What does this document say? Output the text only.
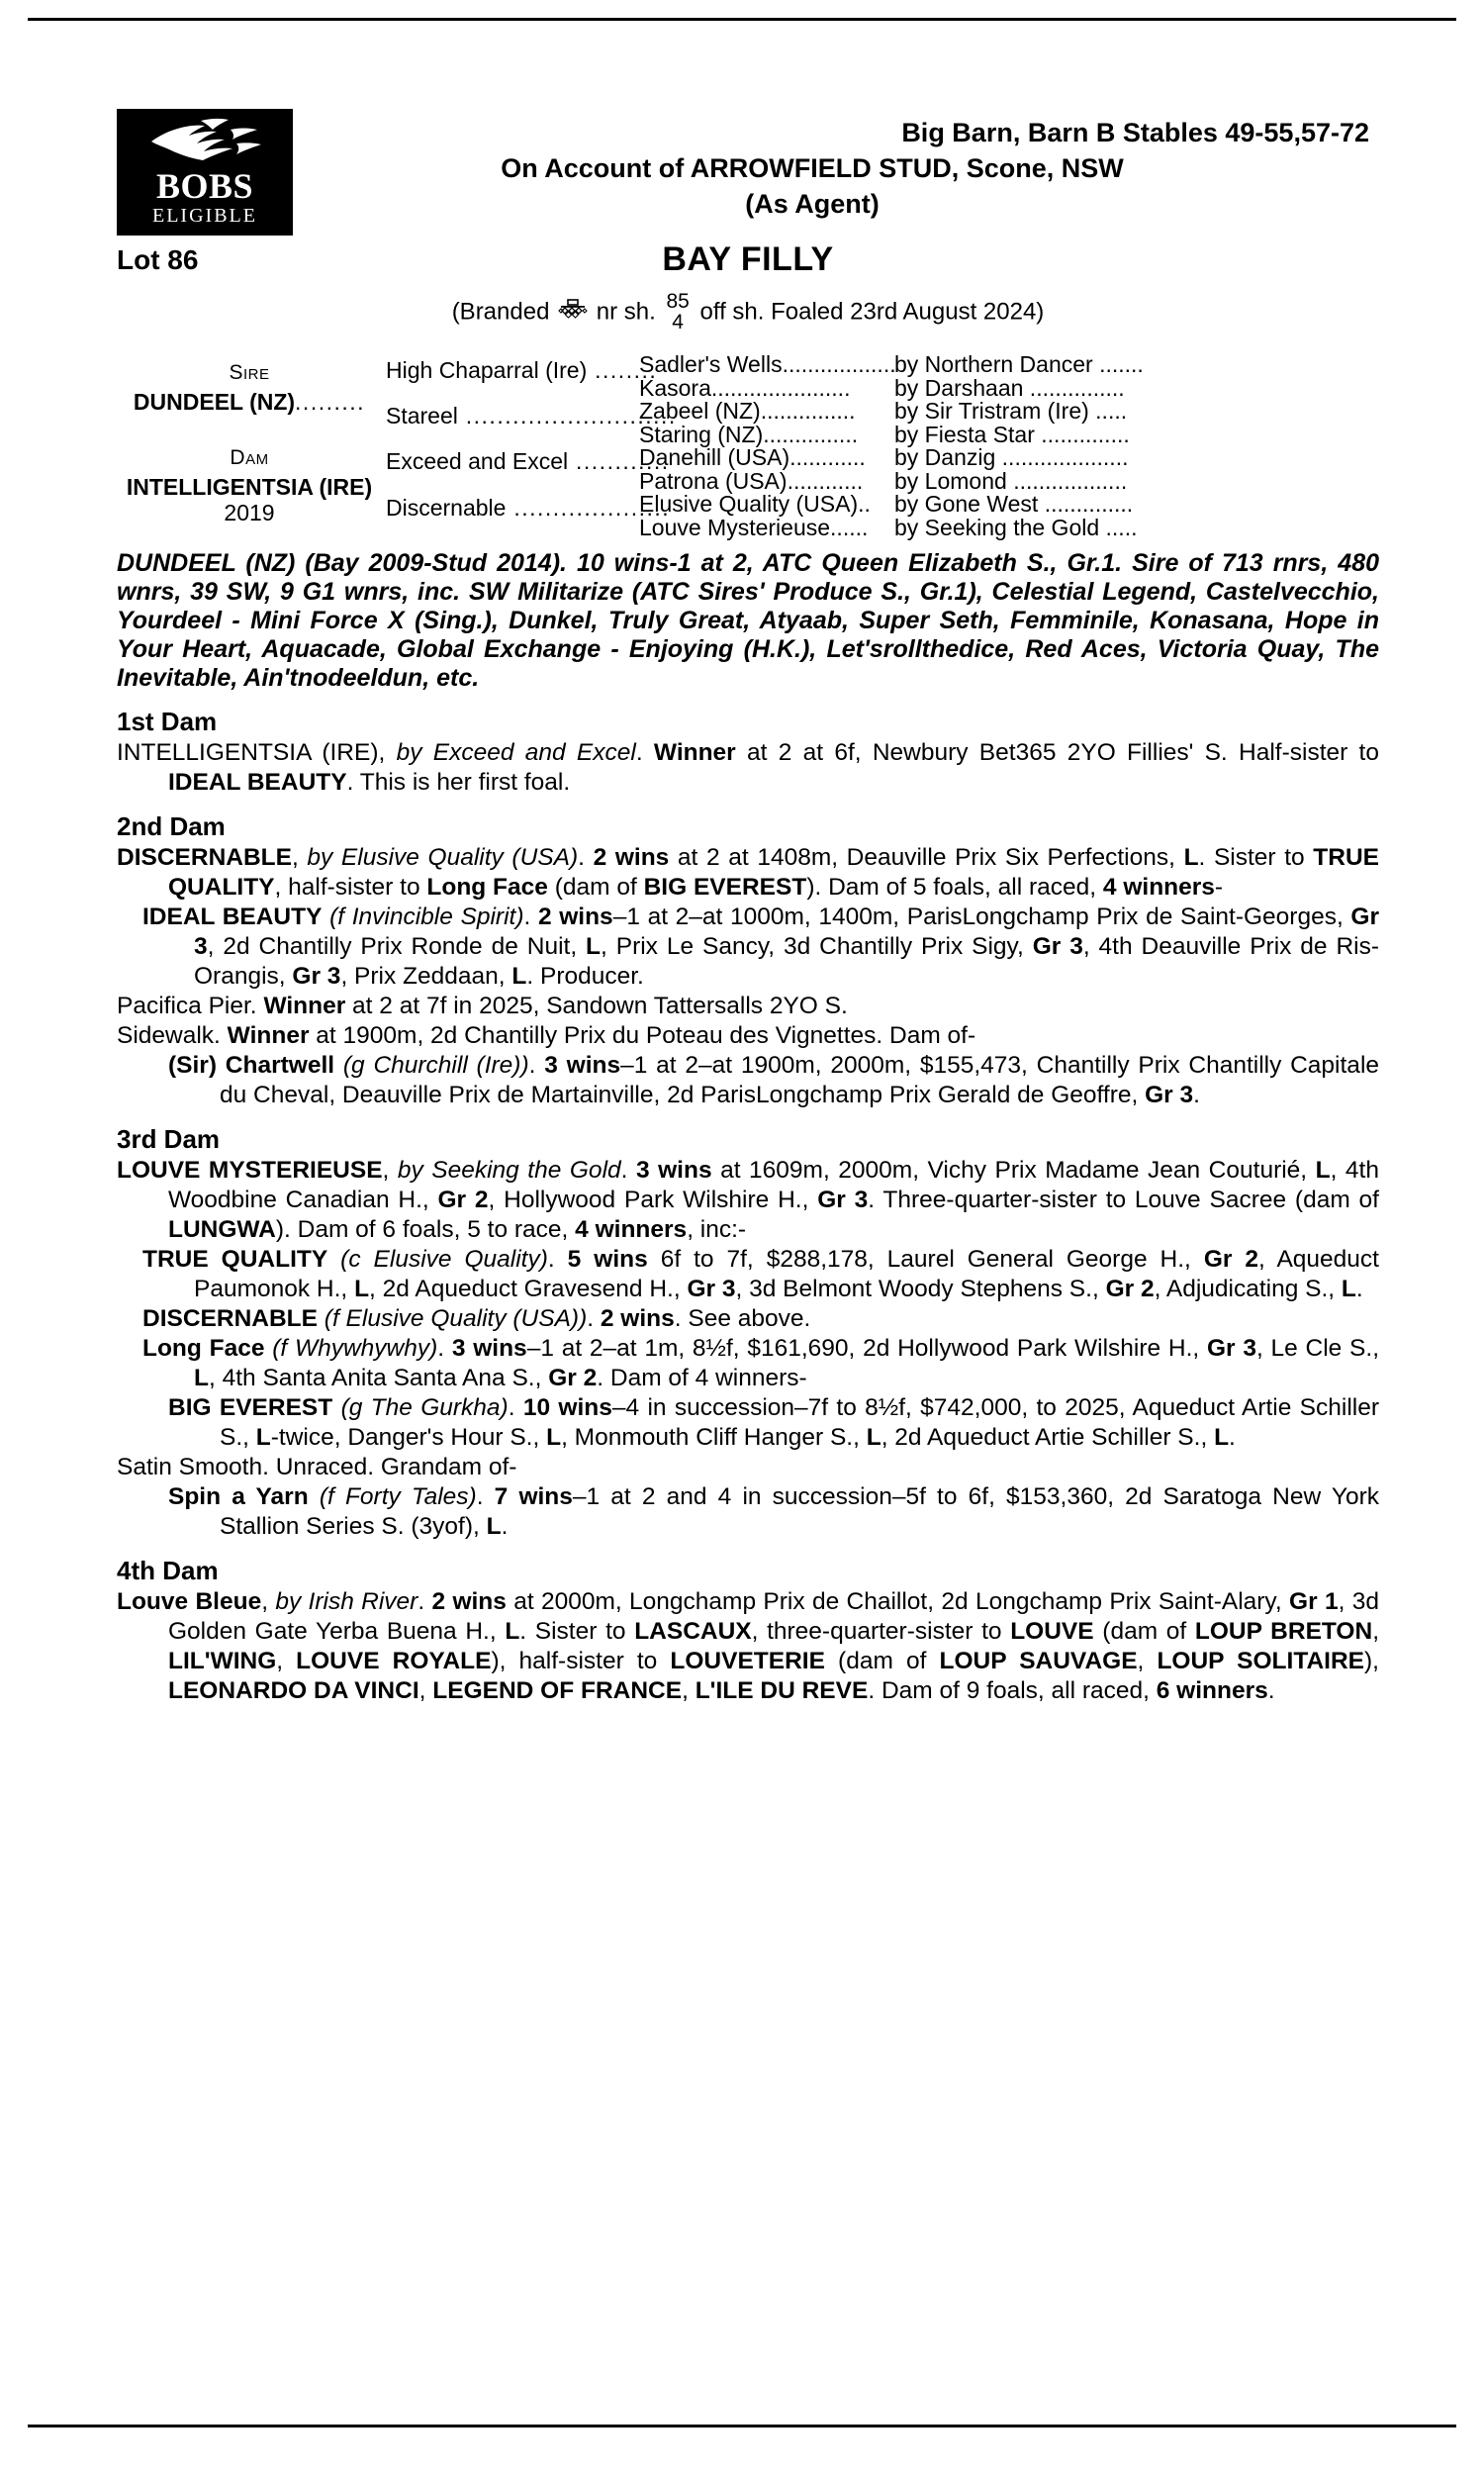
BOBS
ELIGIBLE
Big Barn, Barn B Stables 49-55,57-72
On Account of ARROWFIELD STUD, Scone, NSW
(As Agent)
Lot 86	BAY FILLY
(Branded nr sh. 85
4 off sh. Foaled 23rd August 2024)
Sire
DUNDEEL (NZ).........
Dam
INTELLIGENTSIA (IRE)
2019
High Chaparral (Ire) ........
Stareel ...........................
Exceed and Excel ............
Discernable ....................
Sadler's Wells..................
Kasora......................
Zabeel (NZ)...............
Staring (NZ)...............
Danehill (USA)............
Patrona (USA)............
Elusive Quality (USA)..
Louve Mysterieuse......
by Northern Dancer .......
by Darshaan ...............
by Sir Tristram (Ire) .....
by Fiesta Star ..............
by Danzig ....................
by Lomond ..................
by Gone West ..............
by Seeking the Gold .....
DUNDEEL (NZ) (Bay 2009-Stud 2014). 10 wins-1 at 2, ATC Queen Elizabeth S., Gr.1. Sire of 713 rnrs, 480 wnrs, 39 SW, 9 G1 wnrs, inc. SW Militarize (ATC Sires' Produce S., Gr.1), Celestial Legend, Castelvecchio, Yourdeel - Mini Force X (Sing.), Dunkel, Truly Great, Atyaab, Super Seth, Femminile, Konasana, Hope in Your Heart, Aquacade, Global Exchange - Enjoying (H.K.), Let'srollthedice, Red Aces, Victoria Quay, The Inevitable, Ain'tnodeeldun, etc.
1st Dam
INTELLIGENTSIA (IRE), by Exceed and Excel. Winner at 2 at 6f, Newbury Bet365 2YO Fillies' S. Half-sister to IDEAL BEAUTY. This is her first foal.
2nd Dam
DISCERNABLE, by Elusive Quality (USA). 2 wins at 2 at 1408m, Deauville Prix Six Perfections, L. Sister to TRUE QUALITY, half-sister to Long Face (dam of BIG EVEREST). Dam of 5 foals, all raced, 4 winners-
IDEAL BEAUTY (f Invincible Spirit). 2 wins–1 at 2–at 1000m, 1400m, ParisLongchamp Prix de Saint-Georges, Gr 3, 2d Chantilly Prix Ronde de Nuit, L, Prix Le Sancy, 3d Chantilly Prix Sigy, Gr 3, 4th Deauville Prix de Ris-Orangis, Gr 3, Prix Zeddaan, L. Producer.
Pacifica Pier. Winner at 2 at 7f in 2025, Sandown Tattersalls 2YO S.
Sidewalk. Winner at 1900m, 2d Chantilly Prix du Poteau des Vignettes. Dam of-
(Sir) Chartwell (g Churchill (Ire)). 3 wins–1 at 2–at 1900m, 2000m, $155,473, Chantilly Prix Chantilly Capitale du Cheval, Deauville Prix de Martainville, 2d ParisLongchamp Prix Gerald de Geoffre, Gr 3.
3rd Dam
LOUVE MYSTERIEUSE, by Seeking the Gold. 3 wins at 1609m, 2000m, Vichy Prix Madame Jean Couturié, L, 4th Woodbine Canadian H., Gr 2, Hollywood Park Wilshire H., Gr 3. Three-quarter-sister to Louve Sacree (dam of LUNGWA). Dam of 6 foals, 5 to race, 4 winners, inc:-
TRUE QUALITY (c Elusive Quality). 5 wins 6f to 7f, $288,178, Laurel General George H., Gr 2, Aqueduct Paumonok H., L, 2d Aqueduct Gravesend H., Gr 3, 3d Belmont Woody Stephens S., Gr 2, Adjudicating S., L.
DISCERNABLE (f Elusive Quality (USA)). 2 wins. See above.
Long Face (f Whywhywhy). 3 wins–1 at 2–at 1m, 8½f, $161,690, 2d Hollywood Park Wilshire H., Gr 3, Le Cle S., L, 4th Santa Anita Santa Ana S., Gr 2. Dam of 4 winners-
BIG EVEREST (g The Gurkha). 10 wins–4 in succession–7f to 8½f, $742,000, to 2025, Aqueduct Artie Schiller S., L-twice, Danger's Hour S., L, Monmouth Cliff Hanger S., L, 2d Aqueduct Artie Schiller S., L.
Satin Smooth. Unraced. Grandam of-
Spin a Yarn (f Forty Tales). 7 wins–1 at 2 and 4 in succession–5f to 6f, $153,360, 2d Saratoga New York Stallion Series S. (3yof), L.
4th Dam
Louve Bleue, by Irish River. 2 wins at 2000m, Longchamp Prix de Chaillot, 2d Longchamp Prix Saint-Alary, Gr 1, 3d Golden Gate Yerba Buena H., L. Sister to LASCAUX, three-quarter-sister to LOUVE (dam of LOUP BRETON, LIL'WING, LOUVE ROYALE), half-sister to LOUVETERIE (dam of LOUP SAUVAGE, LOUP SOLITAIRE), LEONARDO DA VINCI, LEGEND OF FRANCE, L'ILE DU REVE. Dam of 9 foals, all raced, 6 winners.
